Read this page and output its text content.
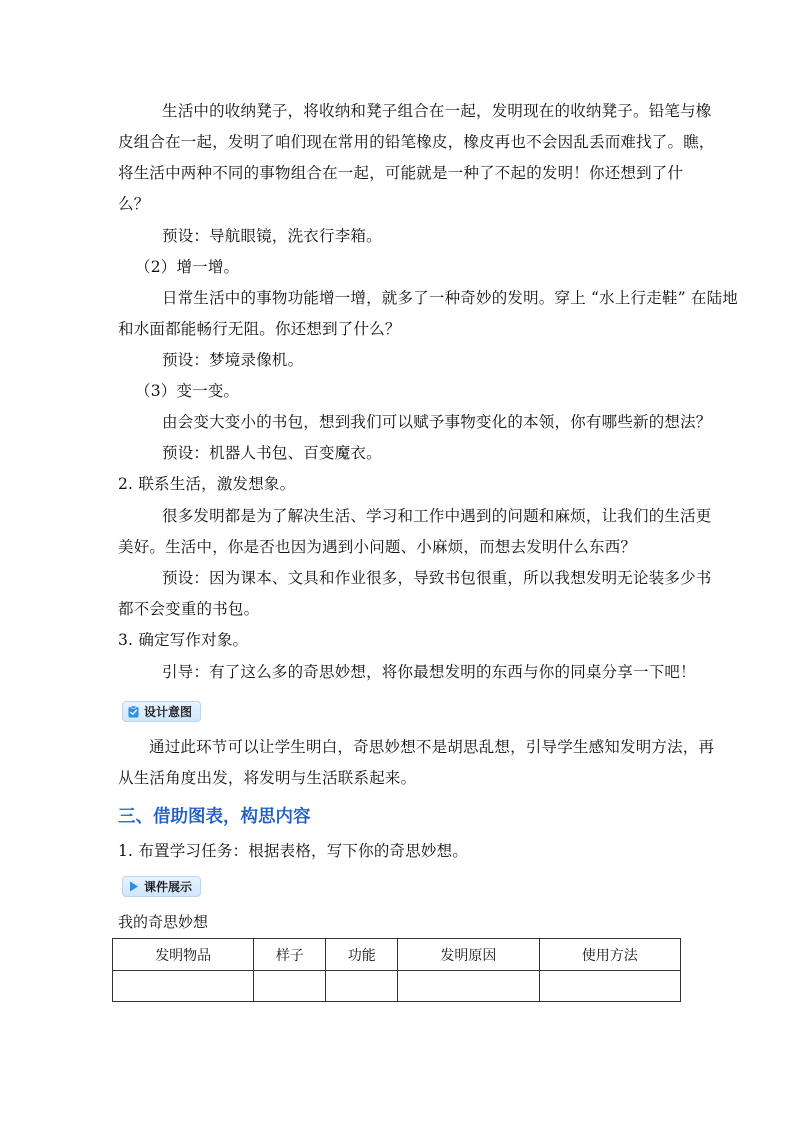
生活中的收纳凳子，将收纳和凳子组合在一起，发明现在的收纳凳子。铅笔与橡
皮组合在一起，发明了咱们现在常用的铅笔橡皮，橡皮再也不会因乱丢而难找了。瞧，
将生活中两种不同的事物组合在一起，可能就是一种了不起的发明！你还想到了什
么？
预设：导航眼镜，洗衣行李箱。
（2）增一增。
日常生活中的事物功能增一增，就多了一种奇妙的发明。穿上 “水上行走鞋” 在陆地
和水面都能畅行无阻。你还想到了什么？
预设：梦境录像机。
（3）变一变。
由会变大变小的书包，想到我们可以赋予事物变化的本领，你有哪些新的想法？
预设：机器人书包、百变魔衣。
2. 联系生活，激发想象。
很多发明都是为了解决生活、学习和工作中遇到的问题和麻烦，让我们的生活更
美好。生活中，你是否也因为遇到小问题、小麻烦，而想去发明什么东西？
预设：因为课本、文具和作业很多，导致书包很重，所以我想发明无论装多少书
都不会变重的书包。
3. 确定写作对象。
引导：有了这么多的奇思妙想，将你最想发明的东西与你的同桌分享一下吧！
设计意图
通过此环节可以让学生明白，奇思妙想不是胡思乱想，引导学生感知发明方法，再
从生活角度出发，将发明与生活联系起来。
三、借助图表，构思内容
1. 布置学习任务：根据表格，写下你的奇思妙想。
课件展示
我的奇思妙想
发明物品	样子	功能	发明原因	使用方法
